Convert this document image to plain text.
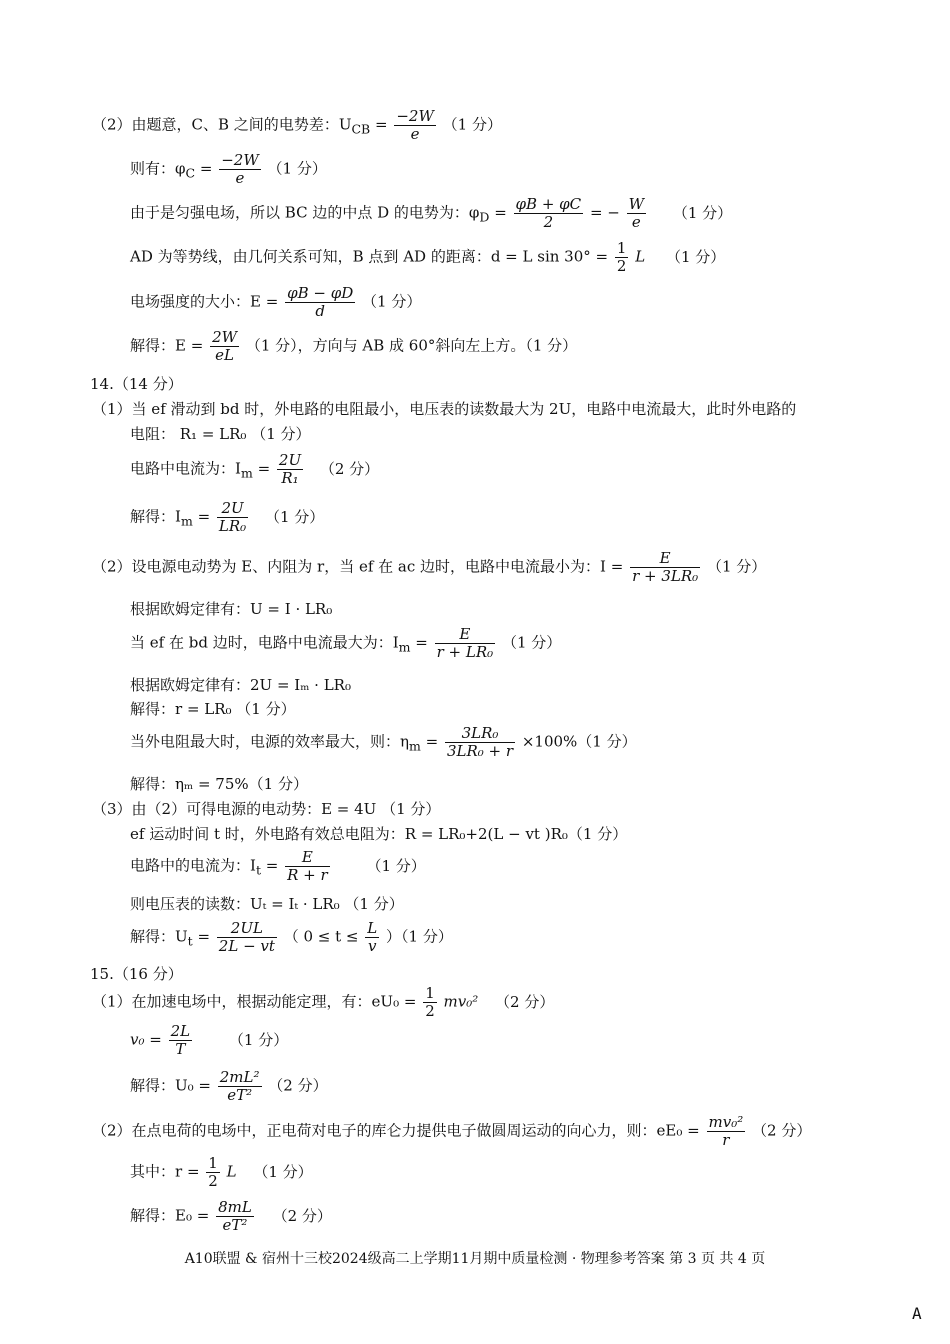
（2）由题意，C、B 之间的电势差：$U_{CB} = \frac{-2W}{e} (1$ 分）
则有：$\varphi_C = \frac{-2W}{e} (1$ 分）
由于是匀强电场，所以 BC 边的中点 D 的电势为：$\varphi_D = \frac{\varphi B + \varphi C}{2}$ = − $\frac{W}{e} (1$ 分）
AD 为等势线，由几何关系可知，B 点到 AD 的距离：d = L $\sin 30^\circ = \frac{1}{2}$ L （1 分）
电场强度的大小：$E = \frac{\varphi B - \varphi D}{d} (1$ 分）
解得：$E = \frac{2W}{eL} (1$ 分），方向与 AB 成 60°斜向左上方。（1 分）
14.（14 分）
（1）当 ef 滑动到 bd 时，外电路的电阻最小，电压表的读数最大为 2U，电路中电流最大，此时外电路的
电阻： R₁ = LR₀ （1 分）
电路中电流为：$I_m = \frac{2U}{\text{R₁}} (2$ 分）
解得：$I_m = \frac{2U}{\text{LR₀}} (1$ 分）
（2）设电源电动势为 E、内阻为 r，当 ef 在 ac 边时，电路中电流最小为：$I = \frac{E}{\text{r + 3LR₀}} (1$ 分）
根据欧姆定律有：U = I · LR₀
当 ef 在 bd 边时，电路中电流最大为：$I_m = \frac{E}{\text{r + LR₀}} (1$ 分）
根据欧姆定律有：2U = Iₘ · LR₀
解得：r = LR₀ （1 分）
当外电阻最大时，电源的效率最大，则：$\eta_m = \frac{\text{3LR₀}}{\text{3LR₀ + r}} \times 100\%(1$ 分）
解得：ηₘ = 75%（1 分）
（3）由（2）可得电源的电动势：E = 4U （1 分）
ef 运动时间 t 时，外电路有效总电阻为：R = LR₀+2(L − vt )R₀（1 分）
电路中的电流为：$I_t = \frac{E}{R + r} (1$ 分）
则电压表的读数：Uₜ = Iₜ · LR₀ （1 分）
解得：$U_t = \frac{2UL}{2L - vt}$ （ $0 \le t \le \frac{L}{v} )(1$ 分）
15.（16 分）
（1）在加速电场中，根据动能定理，有：$eU_0 = \frac{1}{2} mv_0^2$ （2 分）
$v_0 = \frac{2L}{T} (1$ 分）
解得：$U_0 = \frac{\text{2mL²}}{\text{eT²}} (2$ 分）
（2）在点电荷的电场中，正电荷对电子的库仑力提供电子做圆周运动的向心力，则：$eE_0 = \frac{\text{mv₀²}}{r} (2$ 分）
其中：$r = \frac{1}{2}$ L （1 分）
解得：$E_0 = \frac{8mL}{\text{eT²}} (2$ 分）
A10联盟 & 宿州十三校2024级高二上学期11月期中质量检测 · 物理参考答案 第 3 页 共 4 页
A
